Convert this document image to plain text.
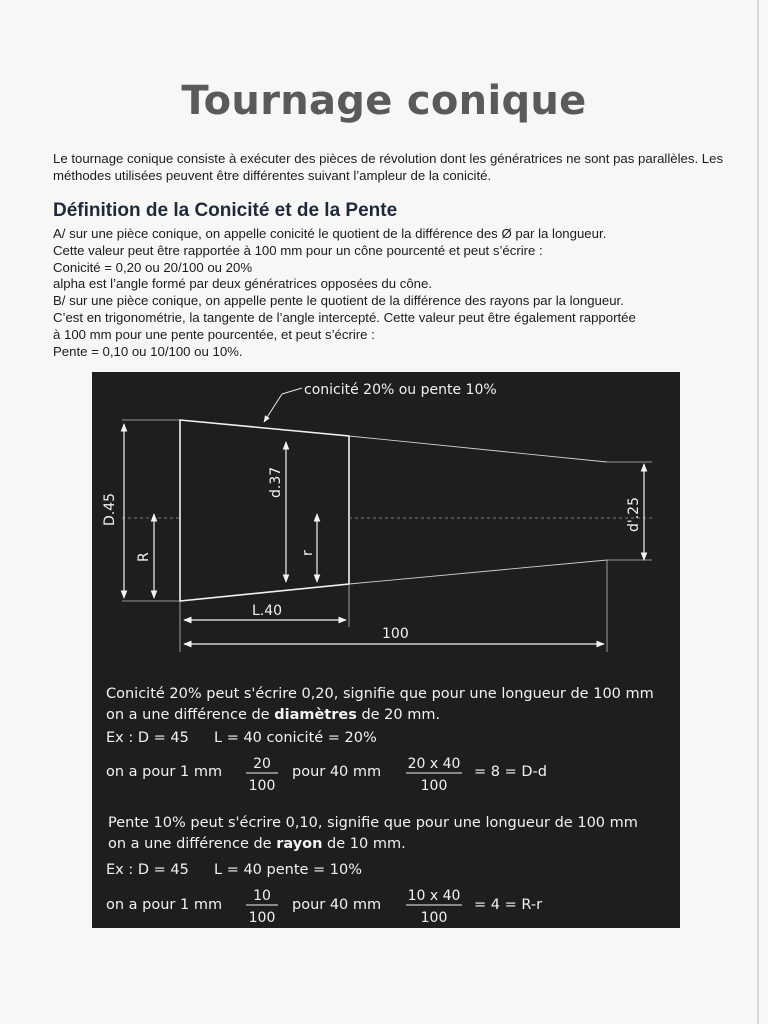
Tournage conique

Le tournage conique consiste à exécuter des pièces de révolution dont les génératrices ne sont pas parallèles. Les méthodes utilisées peuvent être différentes suivant l’ampleur de la conicité.

Définition de la Conicité et de la Pente
A/ sur une pièce conique, on appelle conicité le quotient de la différence des Ø par la longueur.
Cette valeur peut être rapportée à 100 mm pour un cône pourcenté et peut s’écrire :
Conicité = 0,20 ou 20/100 ou 20%
alpha est l’angle formé par deux génératrices opposées du cône.
B/ sur une pièce conique, on appelle pente le quotient de la différence des rayons par la longueur.
C’est en trigonométrie, la tangente de l’angle intercepté. Cette valeur peut être également rapportée
à 100 mm pour une pente pourcentée, et peut s’écrire :
Pente = 0,10 ou 10/100 ou 10%.
conicité 20% ou pente 10%
D.45
R
d.37
r
d'.25
L.40
100
Conicité 20% peut s'écrire 0,20, signifie que pour une longueur de 100 mm
on a une différence de diamètres de 20 mm.
Ex : D = 45 L = 40 conicité = 20%
on a pour 1 mm 20
100
pour 40 mm 20 x 40
100
= 8 = D-d
Pente 10% peut s'écrire 0,10, signifie que pour une longueur de 100 mm
on a une différence de rayon de 10 mm.
Ex : D = 45 L = 40 pente = 10%
on a pour 1 mm
10
100
pour 40 mm
10 x 40
100
= 4 = R-r
